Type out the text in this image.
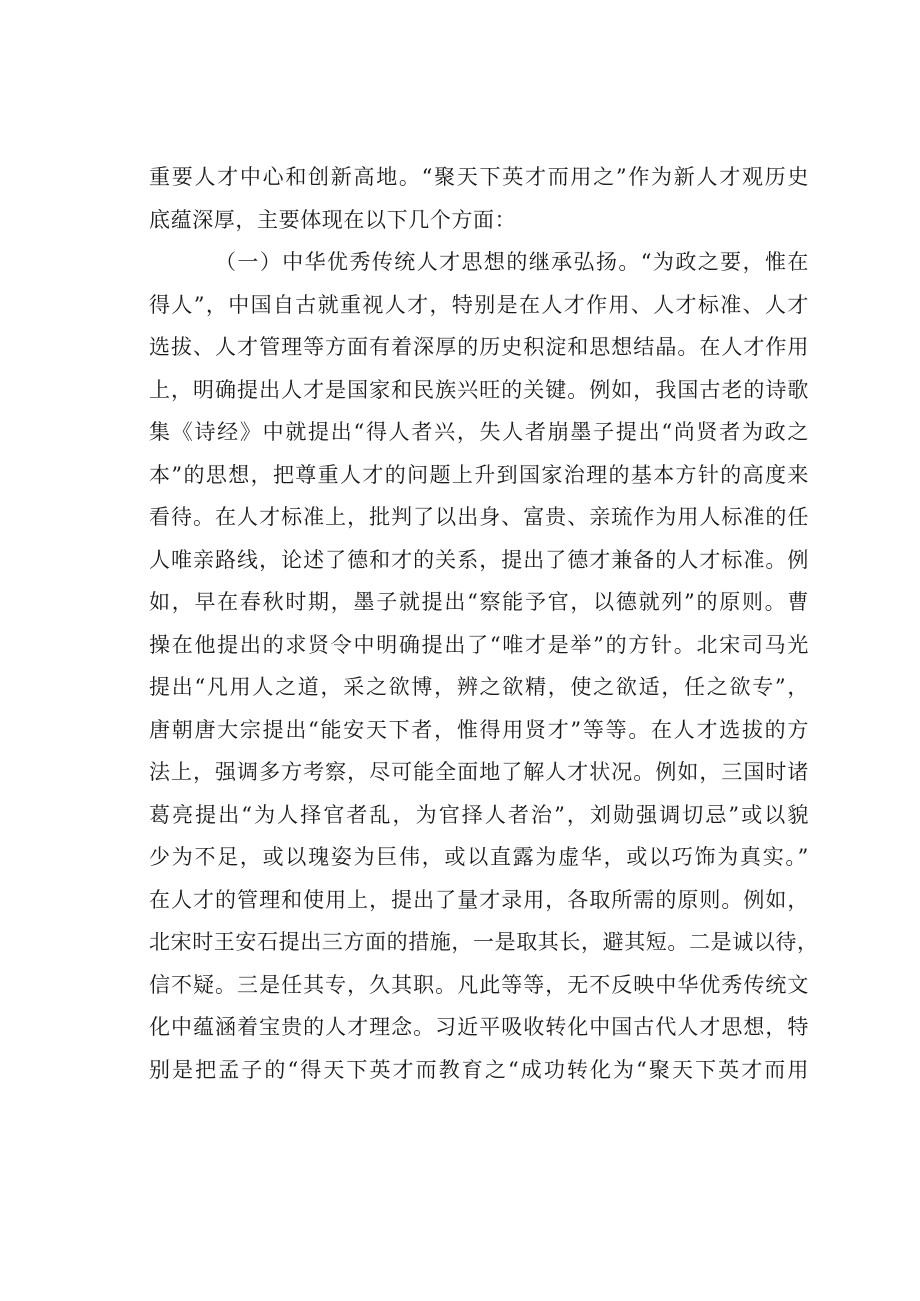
重要人才中心和创新高地。“聚天下英才而用之”作为新人才观历史
底蕴深厚，主要体现在以下几个方面：
（一）中华优秀传统人才思想的继承弘扬。“为政之要，惟在
得人”，中国自古就重视人才，特别是在人才作用、人才标准、人才
选拔、人才管理等方面有着深厚的历史积淀和思想结晶。在人才作用
上，明确提出人才是国家和民族兴旺的关键。例如，我国古老的诗歌
集《诗经》中就提出“得人者兴，失人者崩墨子提出“尚贤者为政之
本”的思想，把尊重人才的问题上升到国家治理的基本方针的高度来
看待。在人才标准上，批判了以出身、富贵、亲琉作为用人标准的任
人唯亲路线，论述了德和才的关系，提出了德才兼备的人才标准。例
如，早在春秋时期，墨子就提出“察能予官，以德就列”的原则。曹
操在他提出的求贤令中明确提出了“唯才是举”的方针。北宋司马光
提出“凡用人之道，采之欲博，辨之欲精，使之欲适，任之欲专”，
唐朝唐大宗提出“能安天下者，惟得用贤才”等等。在人才选拔的方
法上，强调多方考察，尽可能全面地了解人才状况。例如，三国时诸
葛亮提出“为人择官者乱，为官择人者治”，刘勋强调切忌”或以貌
少为不足，或以瑰姿为巨伟，或以直露为虚华，或以巧饰为真实。”
在人才的管理和使用上，提出了量才录用，各取所需的原则。例如，
北宋时王安石提出三方面的措施，一是取其长，避其短。二是诚以待，
信不疑。三是任其专，久其职。凡此等等，无不反映中华优秀传统文
化中蕴涵着宝贵的人才理念。习近平吸收转化中国古代人才思想，特
别是把孟子的“得天下英才而教育之“成功转化为“聚天下英才而用
